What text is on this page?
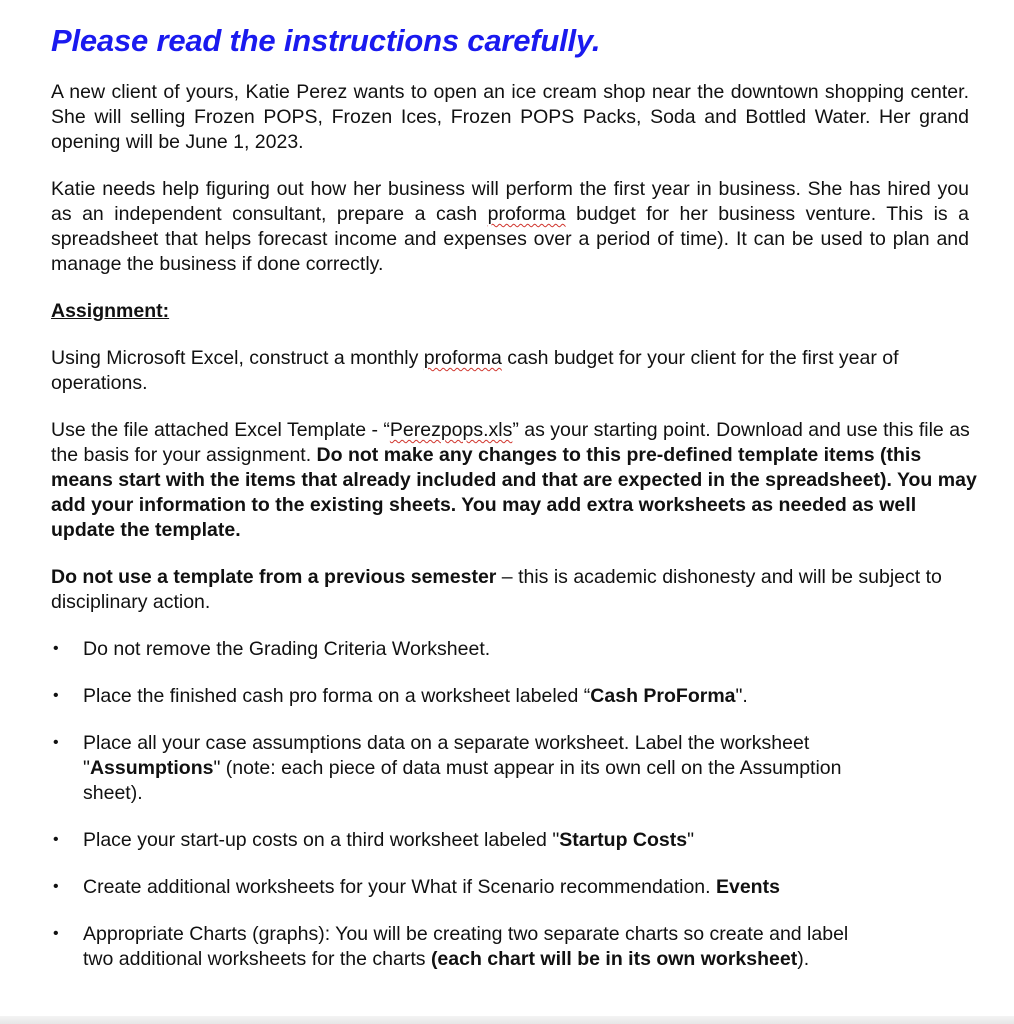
Please read the instructions carefully.

A new client of yours, Katie Perez wants to open an ice cream shop near the downtown shopping center. She will selling Frozen POPS, Frozen Ices, Frozen POPS Packs, Soda and Bottled Water. Her grand opening will be June 1, 2023.

Katie needs help figuring out how her business will perform the first year in business. She has hired you as an independent consultant, prepare a cash proforma budget for her business venture. This is a spreadsheet that helps forecast income and expenses over a period of time). It can be used to plan and manage the business if done correctly.

Assignment:

Using Microsoft Excel, construct a monthly proforma cash budget for your client for the first year of operations.

Use the file attached Excel Template - “Perezpops.xls” as your starting point. Download and use this file as the basis for your assignment. Do not make any changes to this pre-defined template items (this means start with the items that already included and that are expected in the spreadsheet). You may add your information to the existing sheets. You may add extra worksheets as needed as well update the template.

Do not use a template from a previous semester – this is academic dishonesty and will be subject to disciplinary action.

• Do not remove the Grading Criteria Worksheet.
• Place the finished cash pro forma on a worksheet labeled “Cash ProForma".
• Place all your case assumptions data on a separate worksheet. Label the worksheet "Assumptions" (note: each piece of data must appear in its own cell on the Assumption sheet).
• Place your start-up costs on a third worksheet labeled "Startup Costs"
• Create additional worksheets for your What if Scenario recommendation. Events
• Appropriate Charts (graphs): You will be creating two separate charts so create and label two additional worksheets for the charts (each chart will be in its own worksheet).
